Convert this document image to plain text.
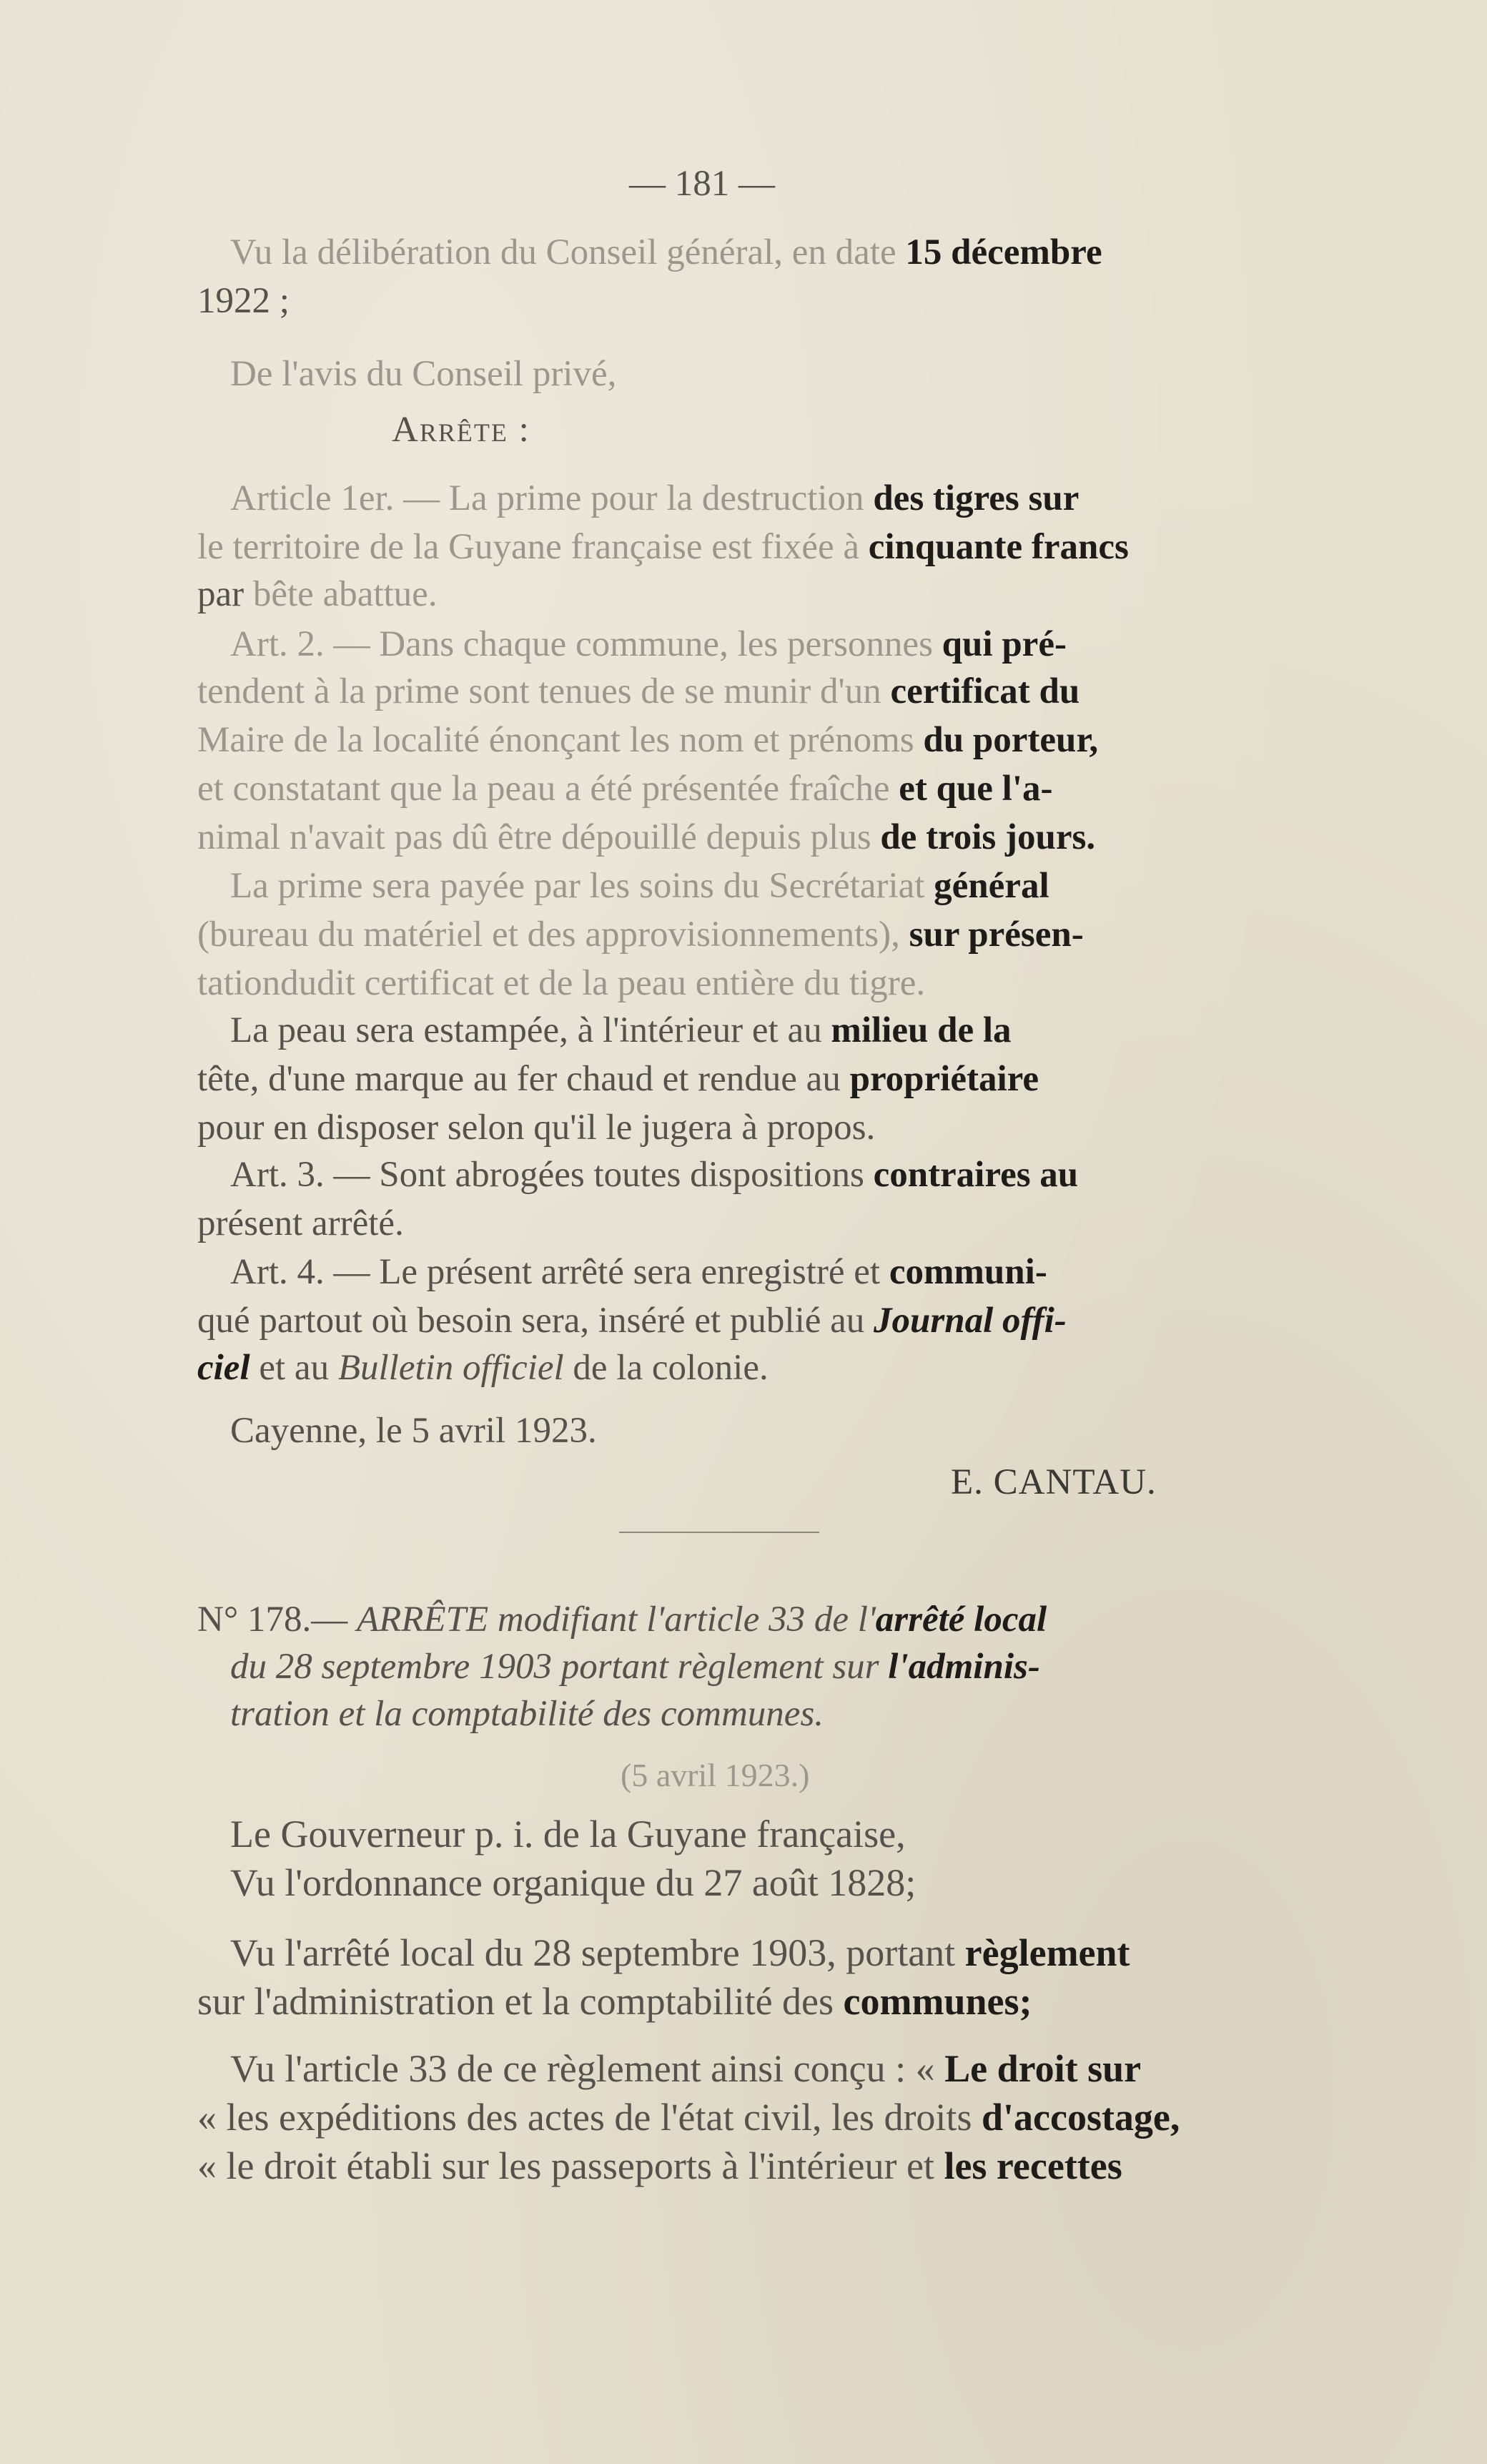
— 181 —
Vu la délibération du Conseil général, en date 15 décembre
1922 ;
De l'avis du Conseil privé,
Arrête :
Article 1er. — La prime pour la destruction des tigres sur
le territoire de la Guyane française est fixée à cinquante francs
par bête abattue.
Art. 2. — Dans chaque commune, les personnes qui pré-
tendent à la prime sont tenues de se munir d'un certificat du
Maire de la localité énonçant les nom et prénoms du porteur,
et constatant que la peau a été présentée fraîche et que l'a-
nimal n'avait pas dû être dépouillé depuis plus de trois jours.
La prime sera payée par les soins du Secrétariat général
(bureau du matériel et des approvisionnements), sur présen-
tationdudit certificat et de la peau entière du tigre.
La peau sera estampée, à l'intérieur et au milieu de la
tête, d'une marque au fer chaud et rendue au propriétaire
pour en disposer selon qu'il le jugera à propos.
Art. 3. — Sont abrogées toutes dispositions contraires au
présent arrêté.
Art. 4. — Le présent arrêté sera enregistré et communi-
qué partout où besoin sera, inséré et publié au Journal offi-
ciel et au Bulletin officiel de la colonie.
Cayenne, le 5 avril 1923.
E. CANTAU.
N° 178.— ARRÊTE modifiant l'article 33 de l'arrêté local
du 28 septembre 1903 portant règlement sur l'adminis-
tration et la comptabilité des communes.
(5 avril 1923.)
Le Gouverneur p. i. de la Guyane française,
Vu l'ordonnance organique du 27 août 1828;
Vu l'arrêté local du 28 septembre 1903, portant règlement
sur l'administration et la comptabilité des communes;
Vu l'article 33 de ce règlement ainsi conçu : « Le droit sur
« les expéditions des actes de l'état civil, les droits d'accostage,
« le droit établi sur les passeports à l'intérieur et les recettes
